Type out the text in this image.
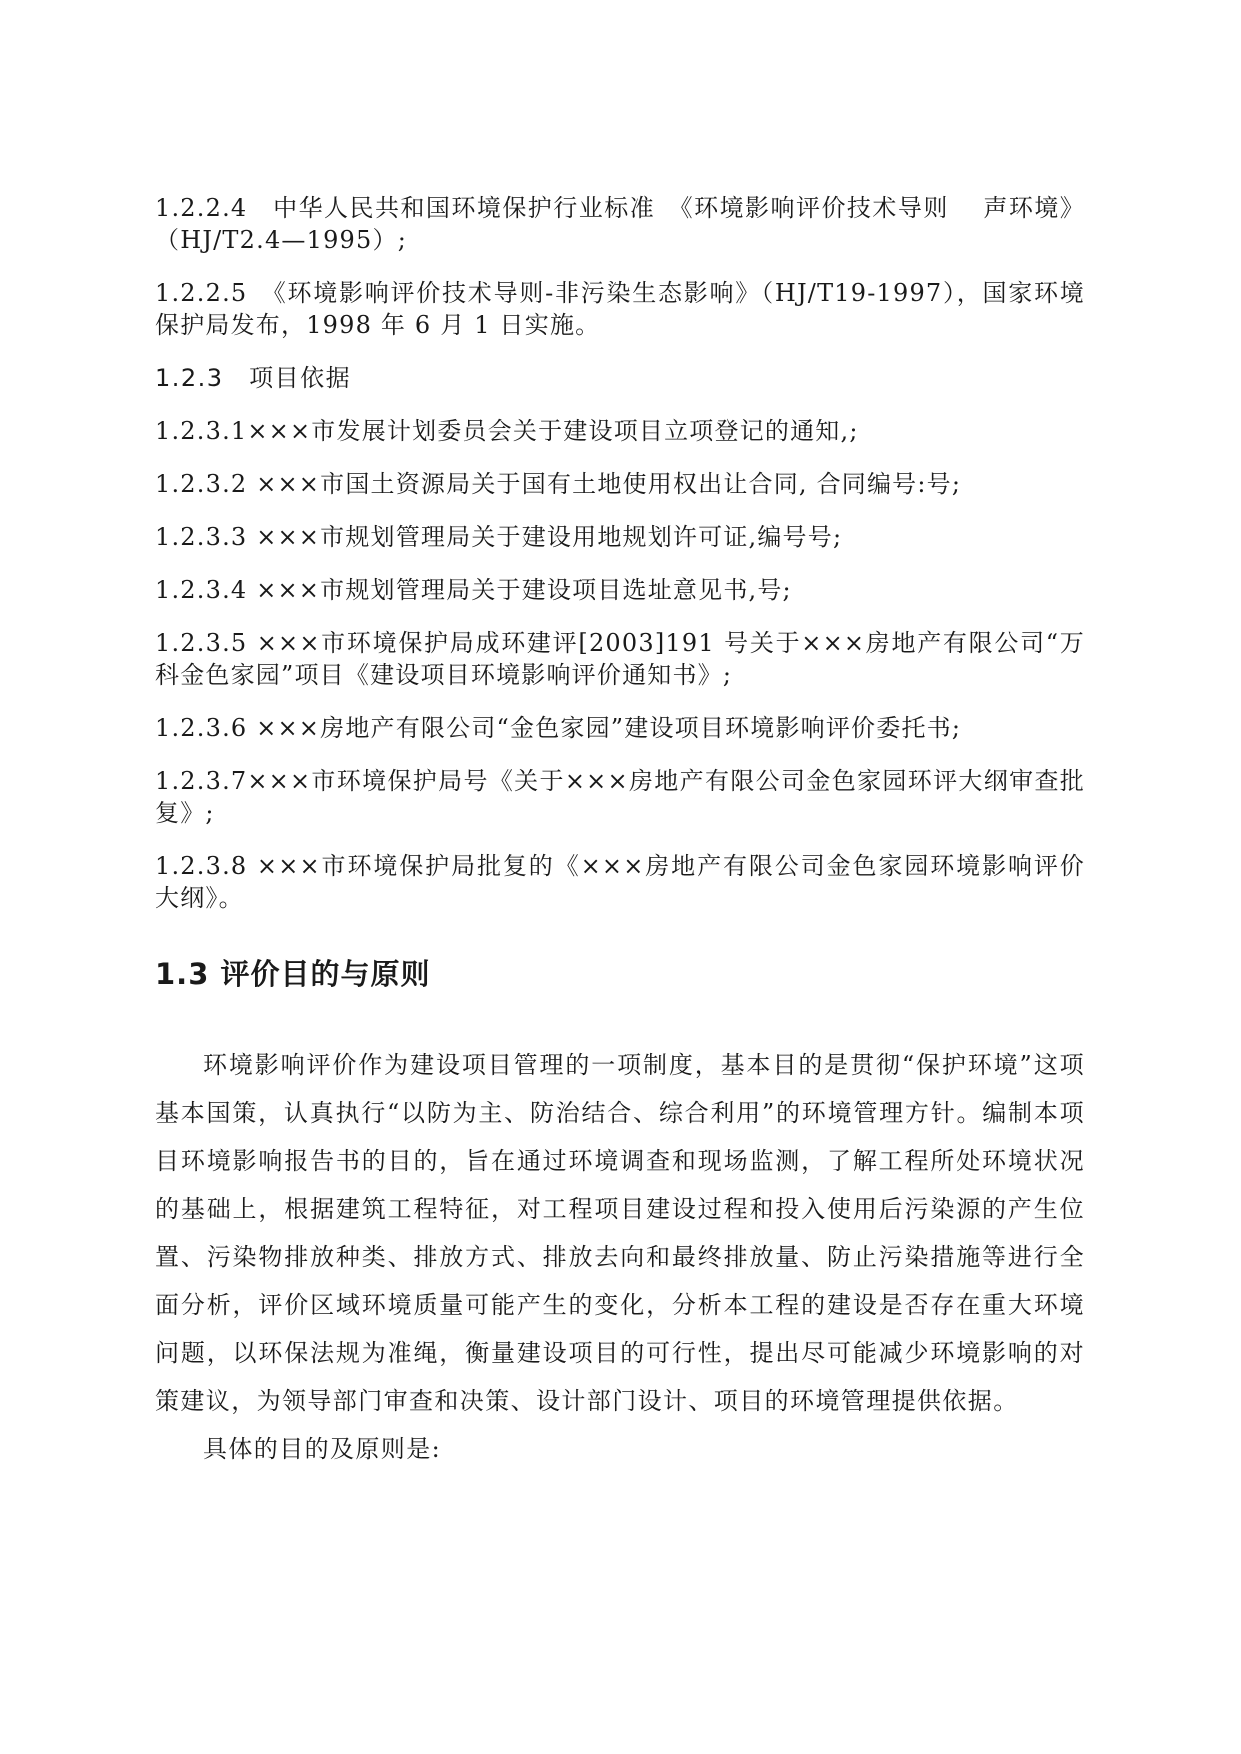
1.2.2.4　中华人民共和国环境保护行业标准　《环境影响评价技术导则　 声环境》（HJ/T2.4—1995）;

1.2.2.5　《环境影响评价技术导则-非污染生态影响》（HJ/T19-1997），国家环境保护局发布，1998 年 6 月 1 日实施。

1.2.3　项目依据

1.2.3.1×××市发展计划委员会关于建设项目立项登记的通知,;

1.2.3.2 ×××市国土资源局关于国有土地使用权出让合同, 合同编号:号;

1.2.3.3 ×××市规划管理局关于建设用地规划许可证,编号号;

1.2.3.4 ×××市规划管理局关于建设项目选址意见书,号;

1.2.3.5 ×××市环境保护局成环建评[2003]191 号关于×××房地产有限公司“万科金色家园”项目《建设项目环境影响评价通知书》;

1.2.3.6 ×××房地产有限公司“金色家园”建设项目环境影响评价委托书;

1.2.3.7×××市环境保护局号《关于×××房地产有限公司金色家园环评大纲审查批复》;

1.2.3.8 ×××市环境保护局批复的《×××房地产有限公司金色家园环境影响评价大纲》。

1.3 评价目的与原则

环境影响评价作为建设项目管理的一项制度，基本目的是贯彻“保护环境”这项基本国策，认真执行“以防为主、防治结合、综合利用”的环境管理方针。编制本项目环境影响报告书的目的，旨在通过环境调查和现场监测，了解工程所处环境状况的基础上，根据建筑工程特征，对工程项目建设过程和投入使用后污染源的产生位置、污染物排放种类、排放方式、排放去向和最终排放量、防止污染措施等进行全面分析，评价区域环境质量可能产生的变化，分析本工程的建设是否存在重大环境问题，以环保法规为准绳，衡量建设项目的可行性，提出尽可能减少环境影响的对策建议，为领导部门审查和决策、设计部门设计、项目的环境管理提供依据。

具体的目的及原则是:
